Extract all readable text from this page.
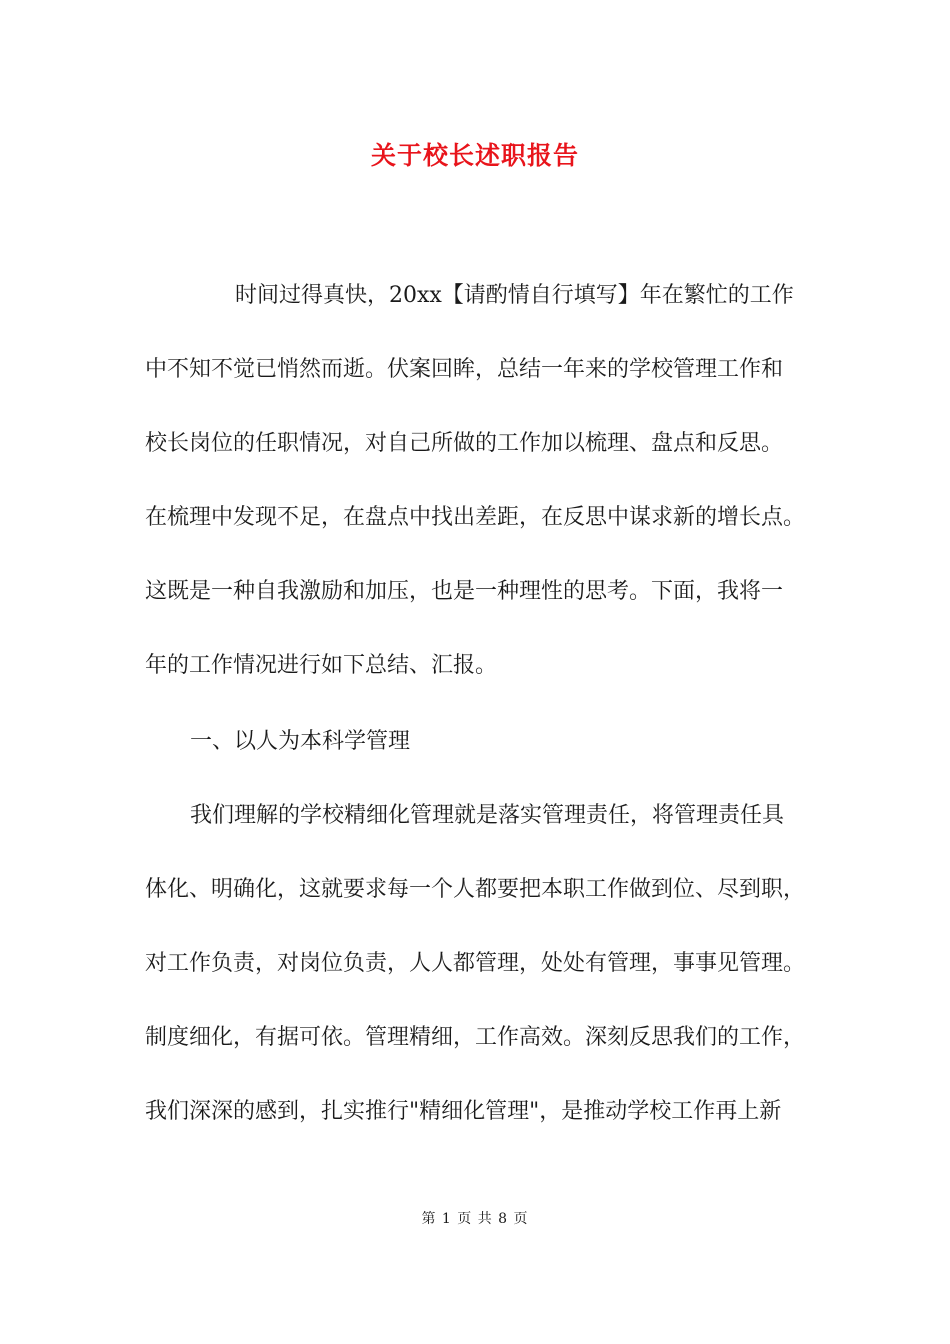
关于校长述职报告
时间过得真快，20xx【请酌情自行填写】年在繁忙的工作
中不知不觉已悄然而逝。伏案回眸，总结一年来的学校管理工作和
校长岗位的任职情况，对自己所做的工作加以梳理、盘点和反思。
在梳理中发现不足，在盘点中找出差距，在反思中谋求新的增长点。
这既是一种自我激励和加压，也是一种理性的思考。下面，我将一
年的工作情况进行如下总结、汇报。
一、以人为本科学管理
我们理解的学校精细化管理就是落实管理责任，将管理责任具
体化、明确化，这就要求每一个人都要把本职工作做到位、尽到职，
对工作负责，对岗位负责，人人都管理，处处有管理，事事见管理。
制度细化，有据可依。管理精细，工作高效。深刻反思我们的工作，
我们深深的感到，扎实推行"精细化管理"，是推动学校工作再上新
第 1 页 共 8 页
